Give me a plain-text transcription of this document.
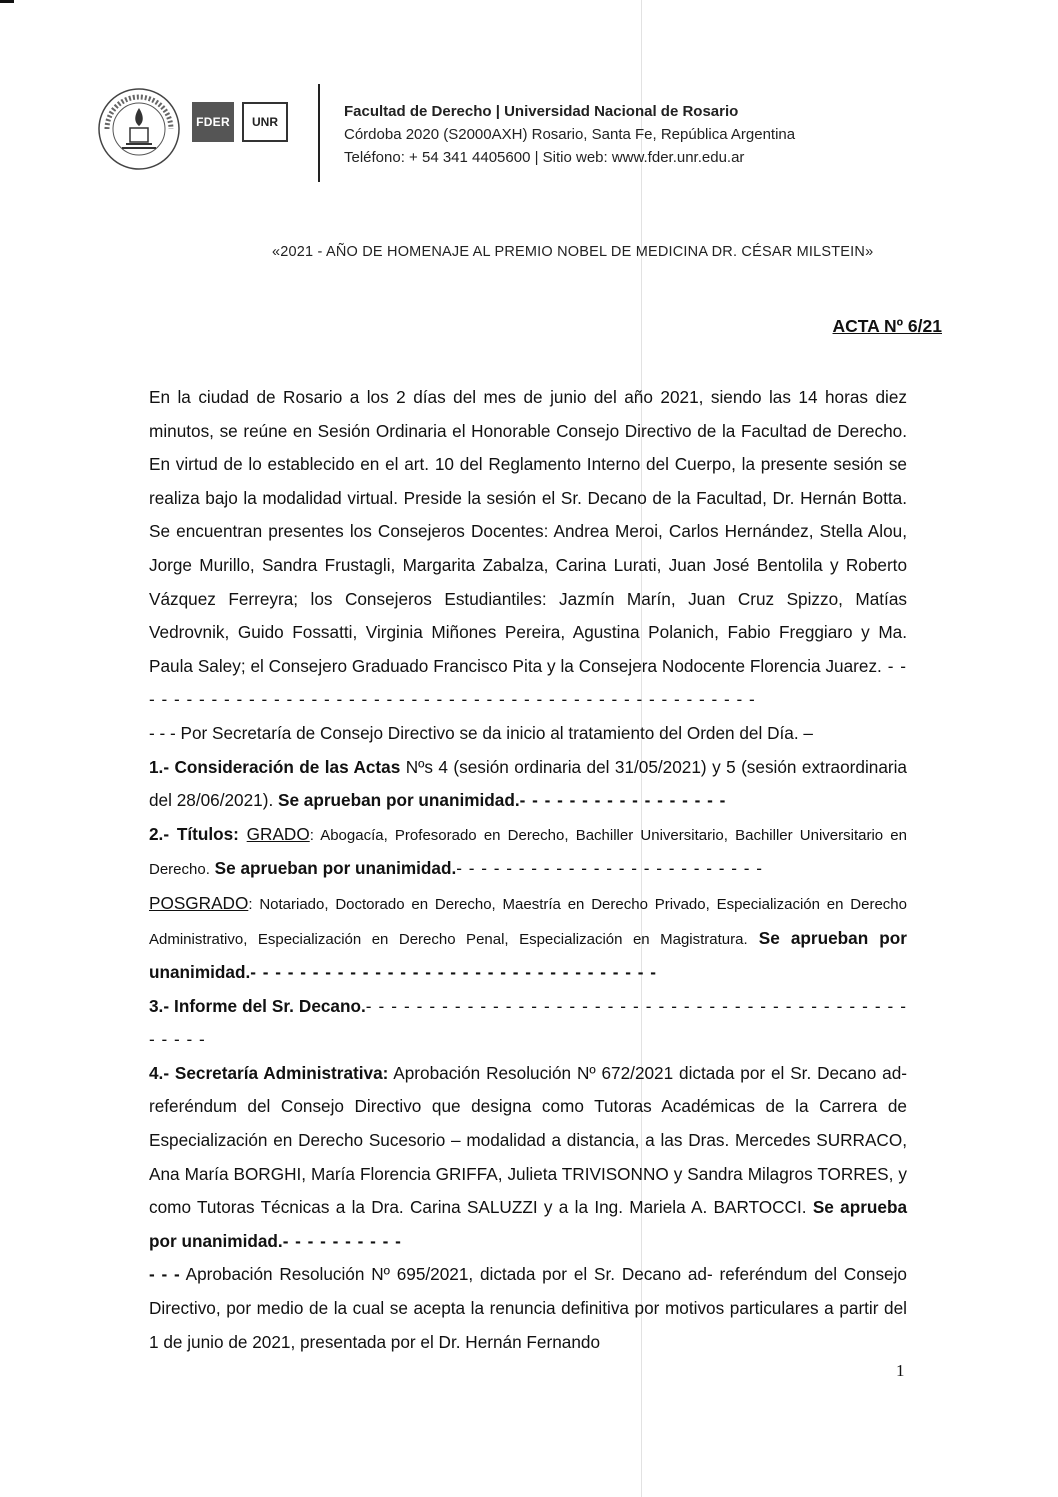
FDER	UNR
Facultad de Derecho | Universidad Nacional de Rosario
Córdoba 2020 (S2000AXH) Rosario, Santa Fe, República Argentina
Teléfono: + 54 341 4405600 | Sitio web: www.fder.unr.edu.ar
«2021 - AÑO DE HOMENAJE AL PREMIO NOBEL DE MEDICINA DR. CÉSAR MILSTEIN»
ACTA Nº 6/21

En la ciudad de Rosario a los 2 días del mes de junio del año 2021, siendo las 14 horas diez minutos, se reúne en Sesión Ordinaria el Honorable Consejo Directivo de la Facultad de Derecho. En virtud de lo establecido en el art. 10 del Reglamento Interno del Cuerpo, la presente sesión se realiza bajo la modalidad virtual. Preside la sesión el Sr. Decano de la Facultad, Dr. Hernán Botta. Se encuentran presentes los Consejeros Docentes: Andrea Meroi, Carlos Hernández, Stella Alou, Jorge Murillo, Sandra Frustagli, Margarita Zabalza, Carina Lurati, Juan José Bentolila y Roberto Vázquez Ferreyra; los Consejeros Estudiantiles: Jazmín Marín, Juan Cruz Spizzo, Matías Vedrovnik, Guido Fossatti, Virginia Miñones Pereira, Agustina Polanich, Fabio Freggiaro y Ma. Paula Saley; el Consejero Graduado Francisco Pita y la Consejera Nodocente Florencia Juarez. - - - - - - - - - - - - - - - - - - - - - - - - - - - - - - - - - - - - - - - - - - - - - - - - - - -

- - - Por Secretaría de Consejo Directivo se da inicio al tratamiento del Orden del Día. –

1.- Consideración de las Actas Nºs 4 (sesión ordinaria del 31/05/2021) y 5 (sesión extraordinaria del 28/06/2021). Se aprueban por unanimidad.- - - - - - - - - - - - - - - - -

2.- Títulos: GRADO: Abogacía, Profesorado en Derecho, Bachiller Universitario, Bachiller Universitario en Derecho. Se aprueban por unanimidad.- - - - - - - - - - - - - - - - - - - - - - - - -

POSGRADO: Notariado, Doctorado en Derecho, Maestría en Derecho Privado, Especialización en Derecho Administrativo, Especialización en Derecho Penal, Especialización en Magistratura. Se aprueban por unanimidad.- - - - - - - - - - - - - - - - - - - - - - - - - - - - - - - - -

3.- Informe del Sr. Decano.- - - - - - - - - - - - - - - - - - - - - - - - - - - - - - - - - - - - - - - - - - - - - - - -

4.- Secretaría Administrativa: Aprobación Resolución Nº 672/2021 dictada por el Sr. Decano ad-referéndum del Consejo Directivo que designa como Tutoras Académicas de la Carrera de Especialización en Derecho Sucesorio – modalidad a distancia, a las Dras. Mercedes SURRACO, Ana María BORGHI, María Florencia GRIFFA, Julieta TRIVISONNO y Sandra Milagros TORRES, y como Tutoras Técnicas a la Dra. Carina SALUZZI y a la Ing. Mariela A. BARTOCCI. Se aprueba por unanimidad.- - - - - - - - - -

- - - Aprobación Resolución Nº 695/2021, dictada por el Sr. Decano ad- referéndum del Consejo Directivo, por medio de la cual se acepta la renuncia definitiva por motivos particulares a partir del 1 de junio de 2021, presentada por el Dr. Hernán Fernando

1
